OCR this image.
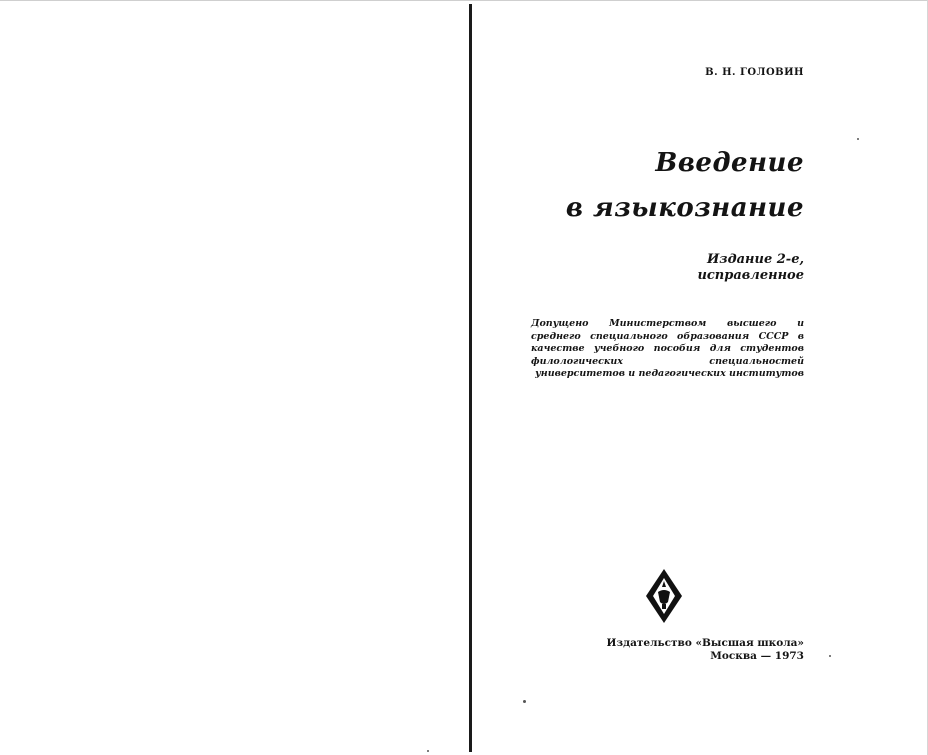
В. Н. ГОЛОВИН
Введение
в языкознание
Издание 2-е,
исправленное
Допущено Министерством высшего и среднего специального образования СССР в качестве учебного пособия для студентов филологических специальностей университетов и педагогических институтов
Издательство «Высшая школа»
Москва — 1973
